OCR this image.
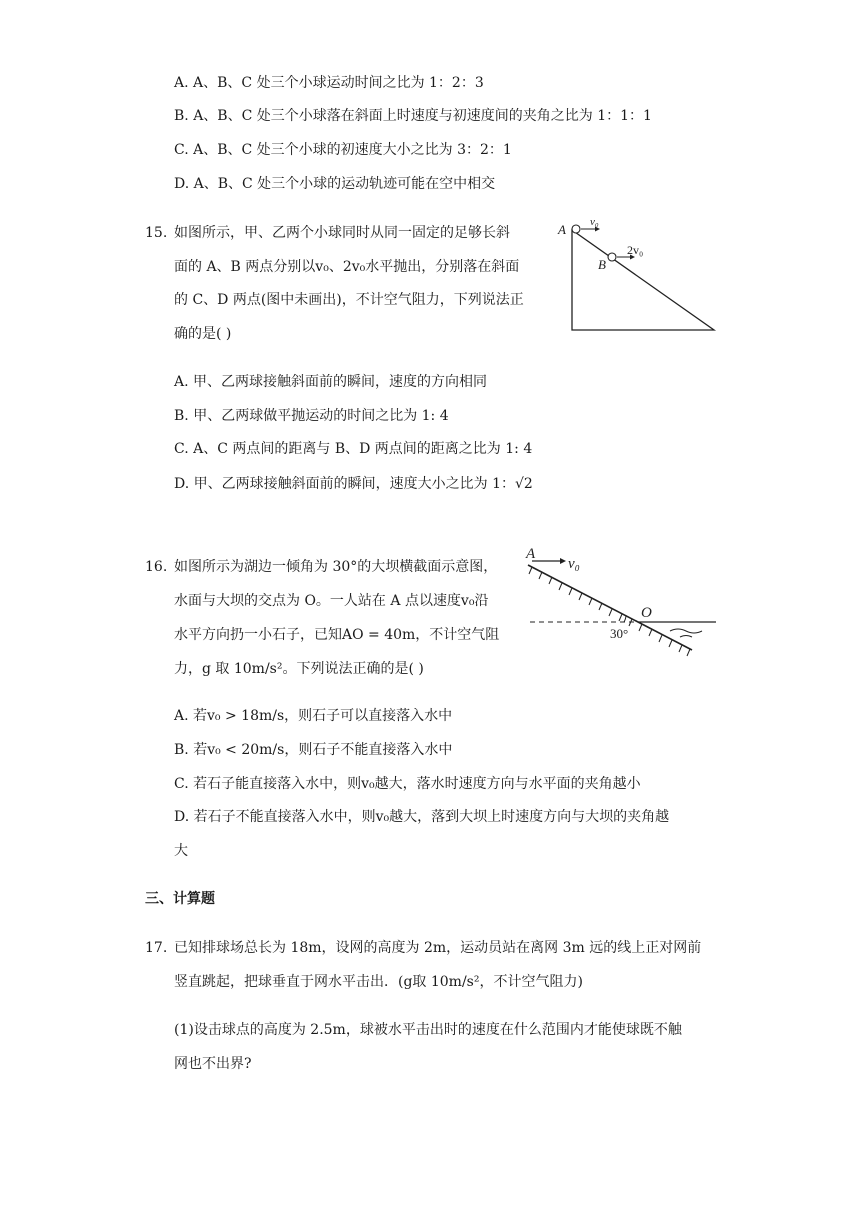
A. A、B、C 处三个小球运动时间之比为 1：2：3
B. A、B、C 处三个小球落在斜面上时速度与初速度间的夹角之比为 1：1：1
C. A、B、C 处三个小球的初速度大小之比为 3：2：1
D. A、B、C 处三个小球的运动轨迹可能在空中相交
15. 如图所示，甲、乙两个小球同时从同一固定的足够长斜
面的 A、B 两点分别以v₀、2v₀水平抛出，分别落在斜面
的 C、D 两点(图中未画出)，不计空气阻力，下列说法正
确的是( )
A v₀
B
2v₀
A. 甲、乙两球接触斜面前的瞬间，速度的方向相同
B. 甲、乙两球做平抛运动的时间之比为 1: 4
C. A、C 两点间的距离与 B、D 两点间的距离之比为 1: 4
D. 甲、乙两球接触斜面前的瞬间，速度大小之比为 1：√2
16. 如图所示为湖边一倾角为 30°的大坝横截面示意图，
水面与大坝的交点为 O。一人站在 A 点以速度v₀沿
水平方向扔一小石子，已知AO = 40m，不计空气阻
力，g 取 10m/s²。下列说法正确的是( )
A
v₀
O
30°
A. 若v₀ > 18m/s，则石子可以直接落入水中
B. 若v₀ < 20m/s，则石子不能直接落入水中
C. 若石子能直接落入水中，则v₀越大，落水时速度方向与水平面的夹角越小
D. 若石子不能直接落入水中，则v₀越大，落到大坝上时速度方向与大坝的夹角越
大
三、计算题
17. 已知排球场总长为 18m，设网的高度为 2m，运动员站在离网 3m 远的线上正对网前
竖直跳起，把球垂直于网水平击出．(g取 10m/s²，不计空气阻力)
(1)设击球点的高度为 2.5m，球被水平击出时的速度在什么范围内才能使球既不触
网也不出界?
